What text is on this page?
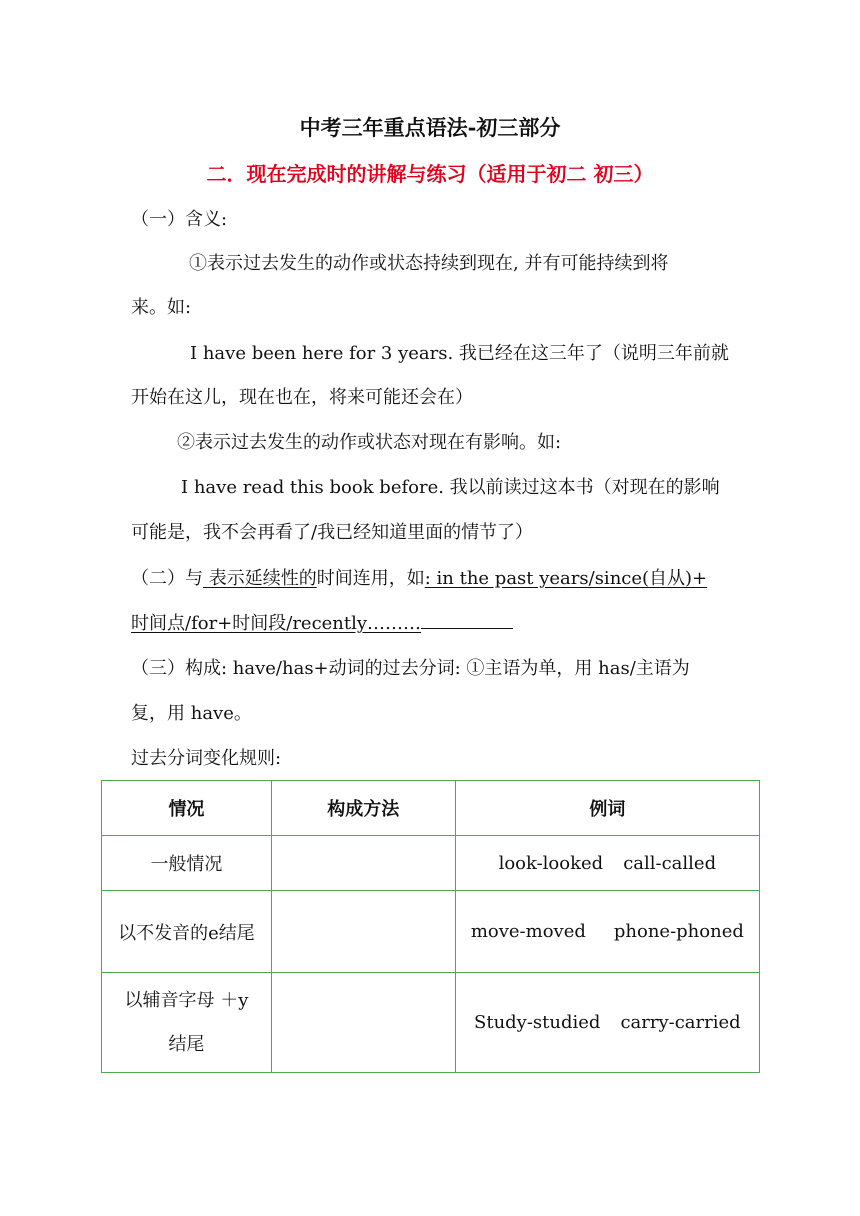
中考三年重点语法-初三部分
二．现在完成时的讲解与练习（适用于初二 初三）
（一）含义:
①表示过去发生的动作或状态持续到现在, 并有可能持续到将
来。如:
I have been here for 3 years. 我已经在这三年了（说明三年前就
开始在这儿，现在也在，将来可能还会在）
②表示过去发生的动作或状态对现在有影响。如:
I have read this book before. 我以前读过这本书（对现在的影响
可能是，我不会再看了/我已经知道里面的情节了）
（二）与 表示延续性的时间连用，如: in the past years/since(自从)+
时间点/for+时间段/recently………
（三）构成: have/has+动词的过去分词: ①主语为单，用 has/主语为
复，用 have。
过去分词变化规则:
情况	构成方法	例词
一般情况		look-looked call-called
以不发音的e结尾		move-moved phone-phoned

以辅音字母 ＋y
结尾		Study-studied carry-carried
